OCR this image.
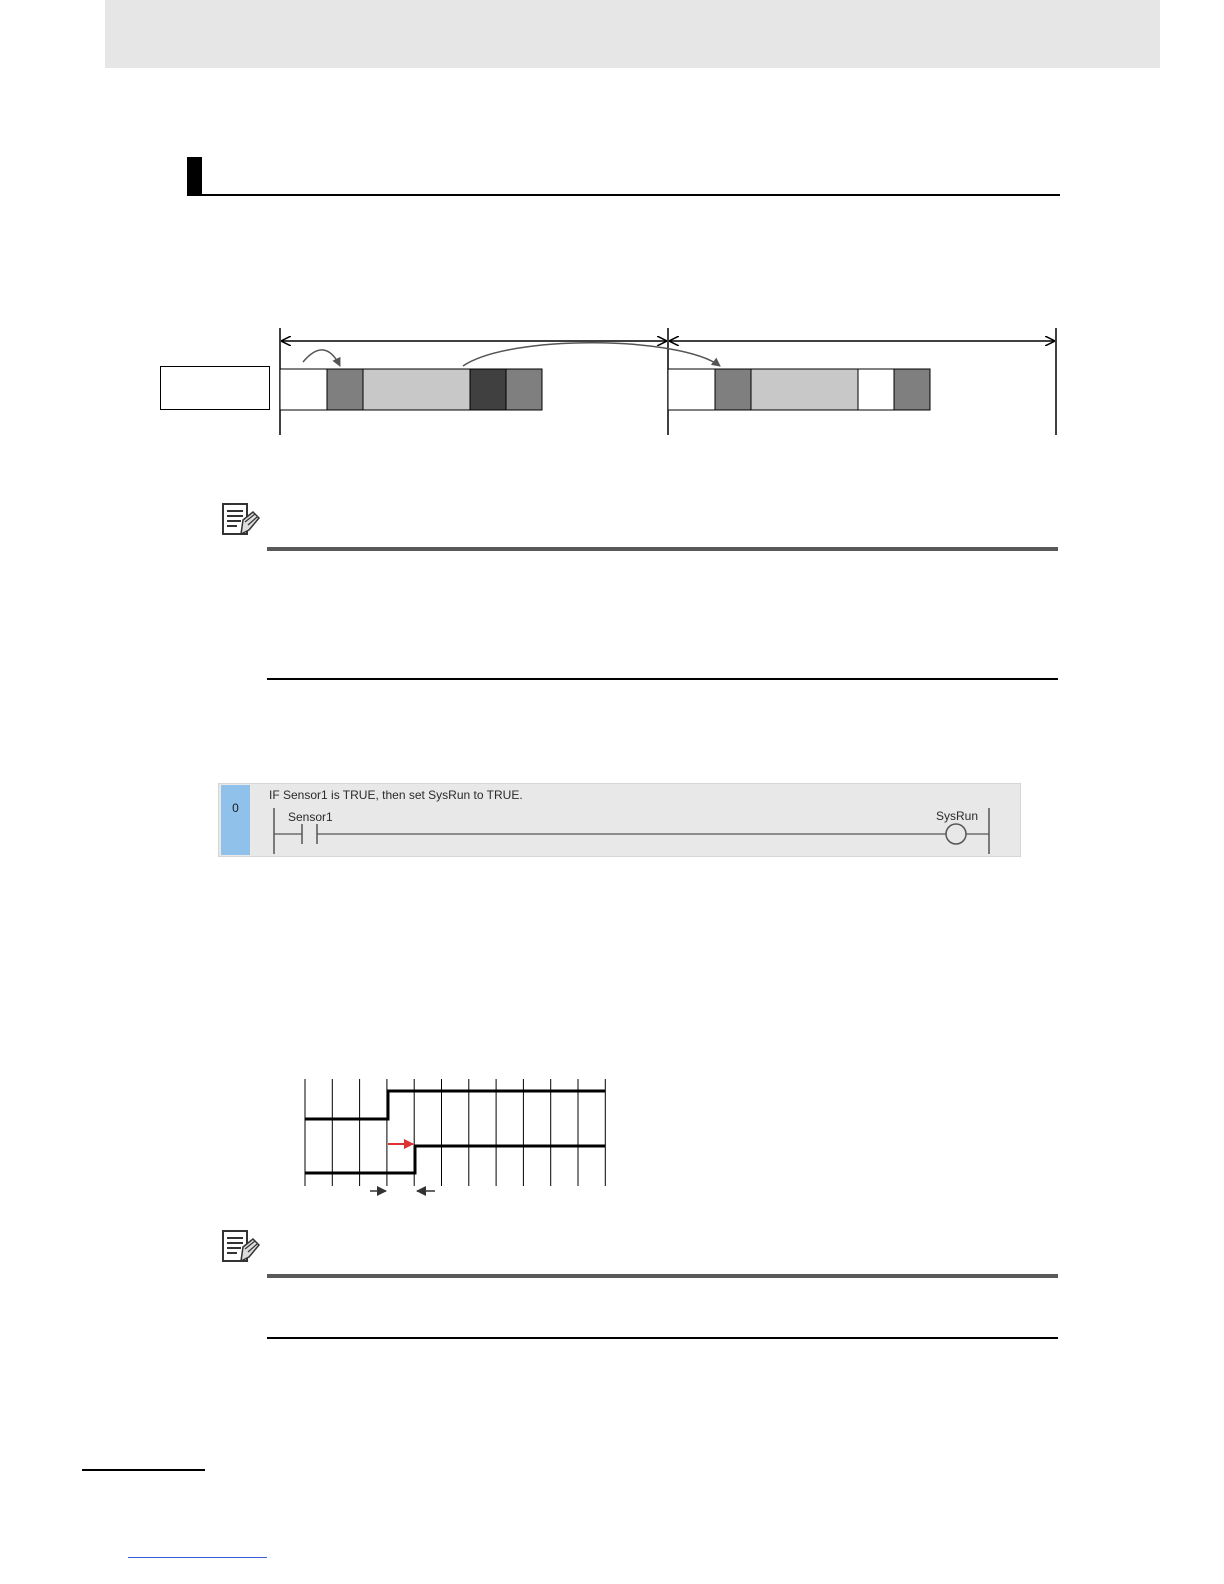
0
IF Sensor1 is TRUE, then set SysRun to TRUE.
Sensor1	SysRun
